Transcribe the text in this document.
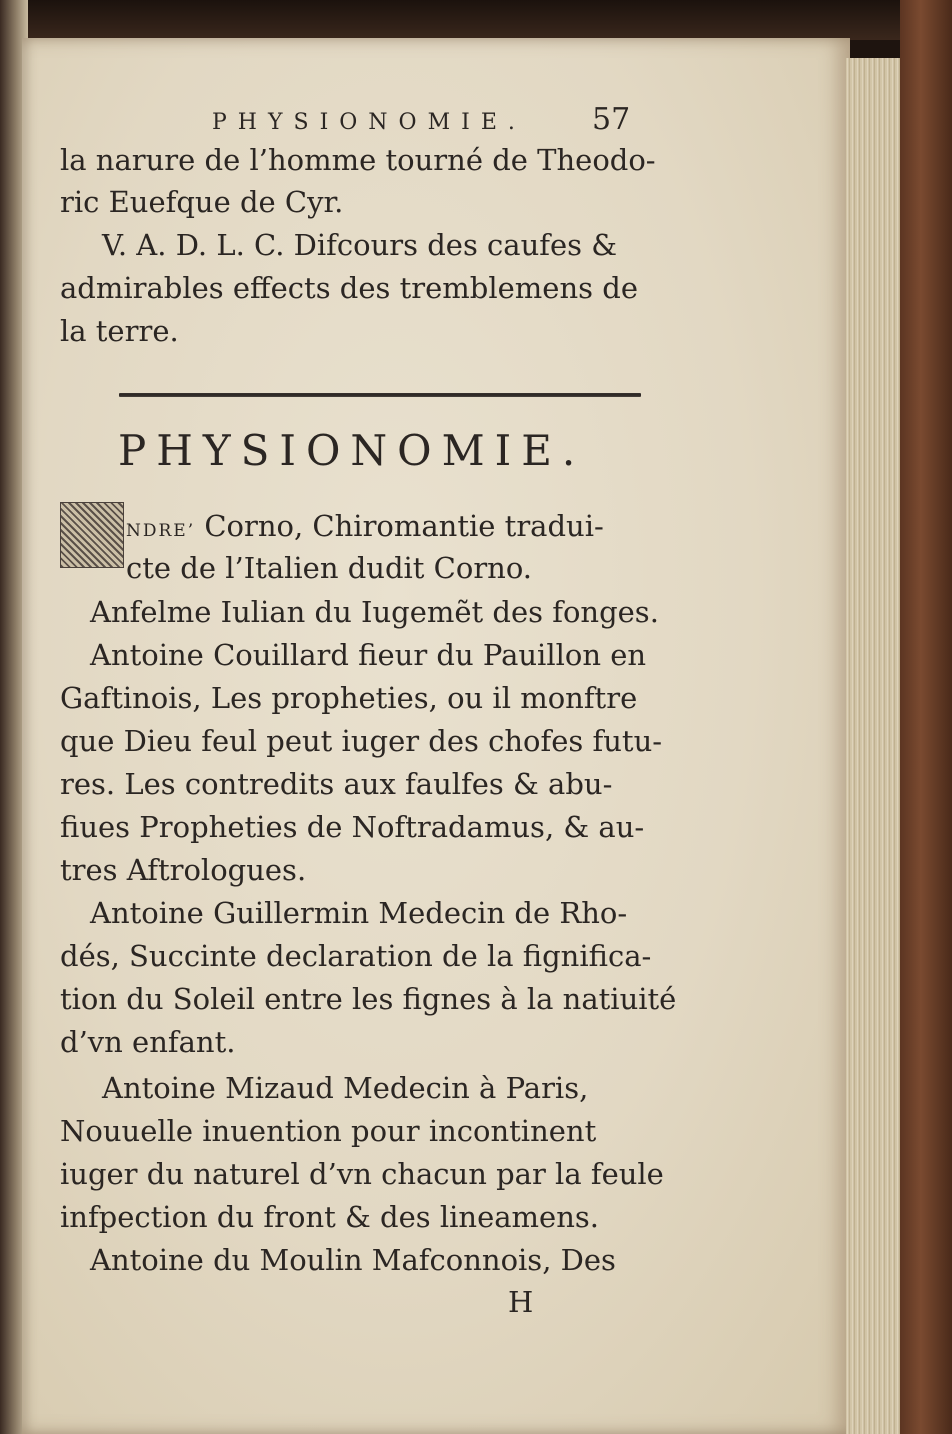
PHYSIONOMIE. 57
la narure de l’homme tourné de Theodo-
ric Euefque de Cyr.
V. A. D. L. C. Difcours des caufes &
admirables effects des tremblemens de
la terre.
PHYSIONOMIE.
NDRE’ Corno, Chiromantie tradui-
cte de l’Italien dudit Corno.
Anfelme Iulian du Iugemẽt des fonges.
Antoine Couillard fieur du Pauillon en
Gaftinois, Les propheties, ou il monftre
que Dieu feul peut iuger des chofes futu-
res. Les contredits aux faulfes & abu-
fiues Propheties de Noftradamus, & au-
tres Aftrologues.
Antoine Guillermin Medecin de Rho-
dés, Succinte declaration de la fignifica-
tion du Soleil entre les fignes à la natiuité
d’vn enfant.
Antoine Mizaud Medecin à Paris,
Nouuelle inuention pour incontinent
iuger du naturel d’vn chacun par la feule
infpection du front & des lineamens.
Antoine du Moulin Mafconnois, Des
H
